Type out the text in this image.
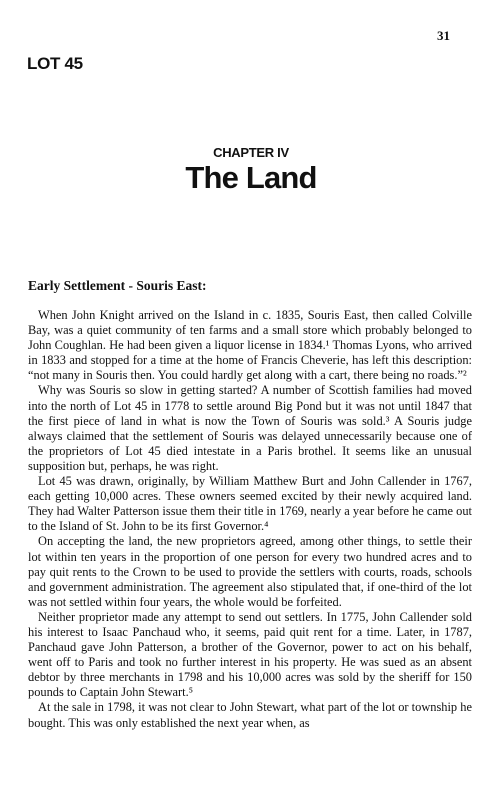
31
LOT 45
CHAPTER IV
The Land
Early Settlement - Souris East:

When John Knight arrived on the Island in c. 1835, Souris East, then called Colville Bay, was a quiet community of ten farms and a small store which probably belonged to John Coughlan. He had been given a liquor license in 1834.¹ Thomas Lyons, who arrived in 1833 and stopped for a time at the home of Francis Cheverie, has left this description: “not many in Souris then. You could hardly get along with a cart, there being no roads.”²

Why was Souris so slow in getting started? A number of Scottish families had moved into the north of Lot 45 in 1778 to settle around Big Pond but it was not until 1847 that the first piece of land in what is now the Town of Souris was sold.³ A Souris judge always claimed that the settlement of Souris was delayed unnecessarily because one of the proprietors of Lot 45 died intestate in a Paris brothel. It seems like an unusual supposition but, perhaps, he was right.

Lot 45 was drawn, originally, by William Matthew Burt and John Callender in 1767, each getting 10,000 acres. These owners seemed excited by their newly acquired land. They had Walter Patterson issue them their title in 1769, nearly a year before he came out to the Island of St. John to be its first Governor.⁴

On accepting the land, the new proprietors agreed, among other things, to settle their lot within ten years in the proportion of one person for every two hundred acres and to pay quit rents to the Crown to be used to provide the settlers with courts, roads, schools and government administration. The agreement also stipulated that, if one-third of the lot was not settled within four years, the whole would be forfeited.

Neither proprietor made any attempt to send out settlers. In 1775, John Callender sold his interest to Isaac Panchaud who, it seems, paid quit rent for a time. Later, in 1787, Panchaud gave John Patterson, a brother of the Governor, power to act on his behalf, went off to Paris and took no further interest in his property. He was sued as an absent debtor by three merchants in 1798 and his 10,000 acres was sold by the sheriff for 150 pounds to Captain John Stewart.⁵

At the sale in 1798, it was not clear to John Stewart, what part of the lot or township he bought. This was only established the next year when, as
